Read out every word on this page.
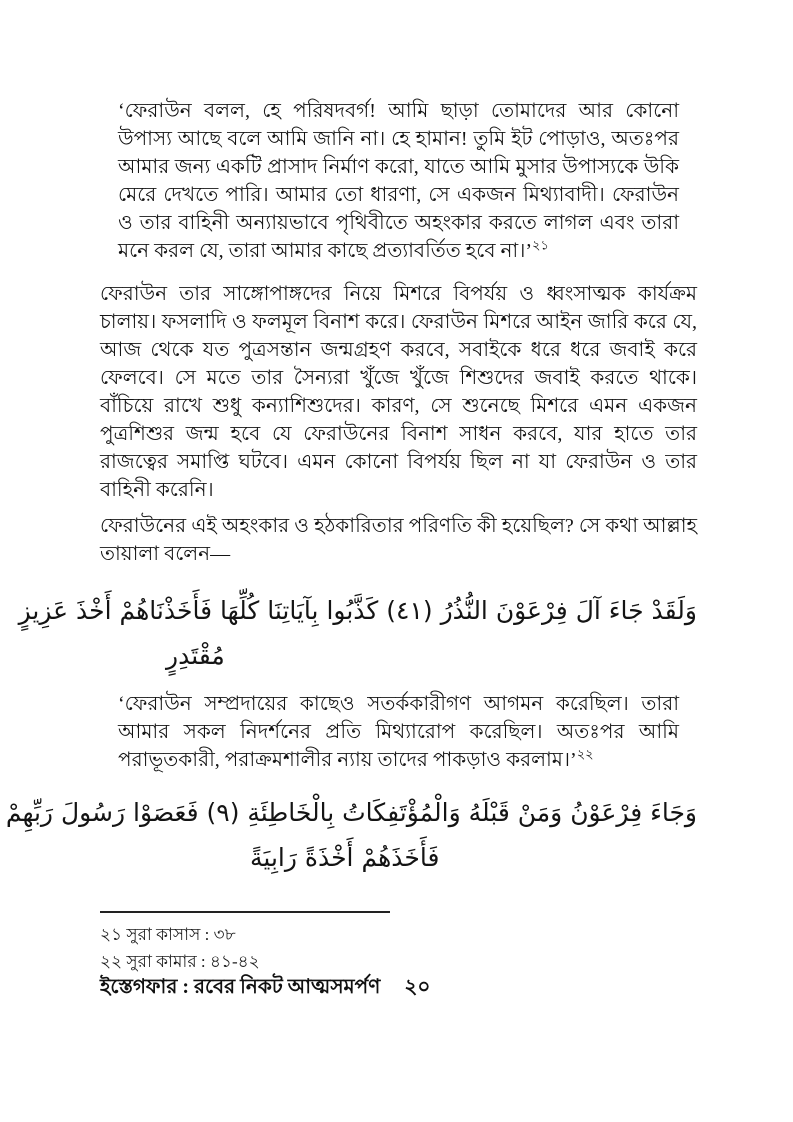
‘ফেরাউন বলল, হে পরিষদবর্গ! আমি ছাড়া তোমাদের আর কোনো উপাস্য আছে বলে আমি জানি না। হে হামান! তুমি ইট পোড়াও, অতঃপর আমার জন্য একটি প্রাসাদ নির্মাণ করো, যাতে আমি মুসার উপাস্যকে উকি মেরে দেখতে পারি। আমার তো ধারণা, সে একজন মিথ্যাবাদী। ফেরাউন ও তার বাহিনী অন্যায়ভাবে পৃথিবীতে অহংকার করতে লাগল এবং তারা মনে করল যে, তারা আমার কাছে প্রত্যাবর্তিত হবে না।’$^{২১}$
ফেরাউন তার সাঙ্গোপাঙ্গদের নিয়ে মিশরে বিপর্যয় ও ধ্বংসাত্মক কার্যক্রম চালায়। ফসলাদি ও ফলমূল বিনাশ করে। ফেরাউন মিশরে আইন জারি করে যে, আজ থেকে যত পুত্রসন্তান জন্মগ্রহণ করবে, সবাইকে ধরে ধরে জবাই করে ফেলবে। সে মতে তার সৈন্যরা খুঁজে খুঁজে শিশুদের জবাই করতে থাকে। বাঁচিয়ে রাখে শুধু কন্যাশিশুদের। কারণ, সে শুনেছে মিশরে এমন একজন পুত্রশিশুর জন্ম হবে যে ফেরাউনের বিনাশ সাধন করবে, যার হাতে তার রাজত্বের সমাপ্তি ঘটবে। এমন কোনো বিপর্যয় ছিল না যা ফেরাউন ও তার বাহিনী করেনি।
ফেরাউনের এই অহংকার ও হঠকারিতার পরিণতি কী হয়েছিল? সে কথা আল্লাহ তায়ালা বলেন—
وَلَقَدْ جَاءَ آلَ فِرْعَوْنَ النُّذُرُ (٤١) كَذَّبُوا بِآيَاتِنَا كُلِّهَا فَأَخَذْنَاهُمْ أَخْذَ عَزِيزٍ
مُقْتَدِرٍ
‘ফেরাউন সম্প্রদায়ের কাছেও সতর্ককারীগণ আগমন করেছিল। তারা আমার সকল নিদর্শনের প্রতি মিথ্যারোপ করেছিল। অতঃপর আমি পরাভূতকারী, পরাক্রমশালীর ন্যায় তাদের পাকড়াও করলাম।’$^{২২}$
وَجَاءَ فِرْعَوْنُ وَمَنْ قَبْلَهُ وَالْمُؤْتَفِكَاتُ بِالْخَاطِئَةِ (٩) فَعَصَوْا رَسُولَ رَبِّهِمْ
فَأَخَذَهُمْ أَخْذَةً رَابِيَةً
২১ সুরা কাসাস : ৩৮
২২ সুরা কামার : ৪১-৪২
ইস্তেগফার : রবের নিকট আত্মসমর্পণ ২০
